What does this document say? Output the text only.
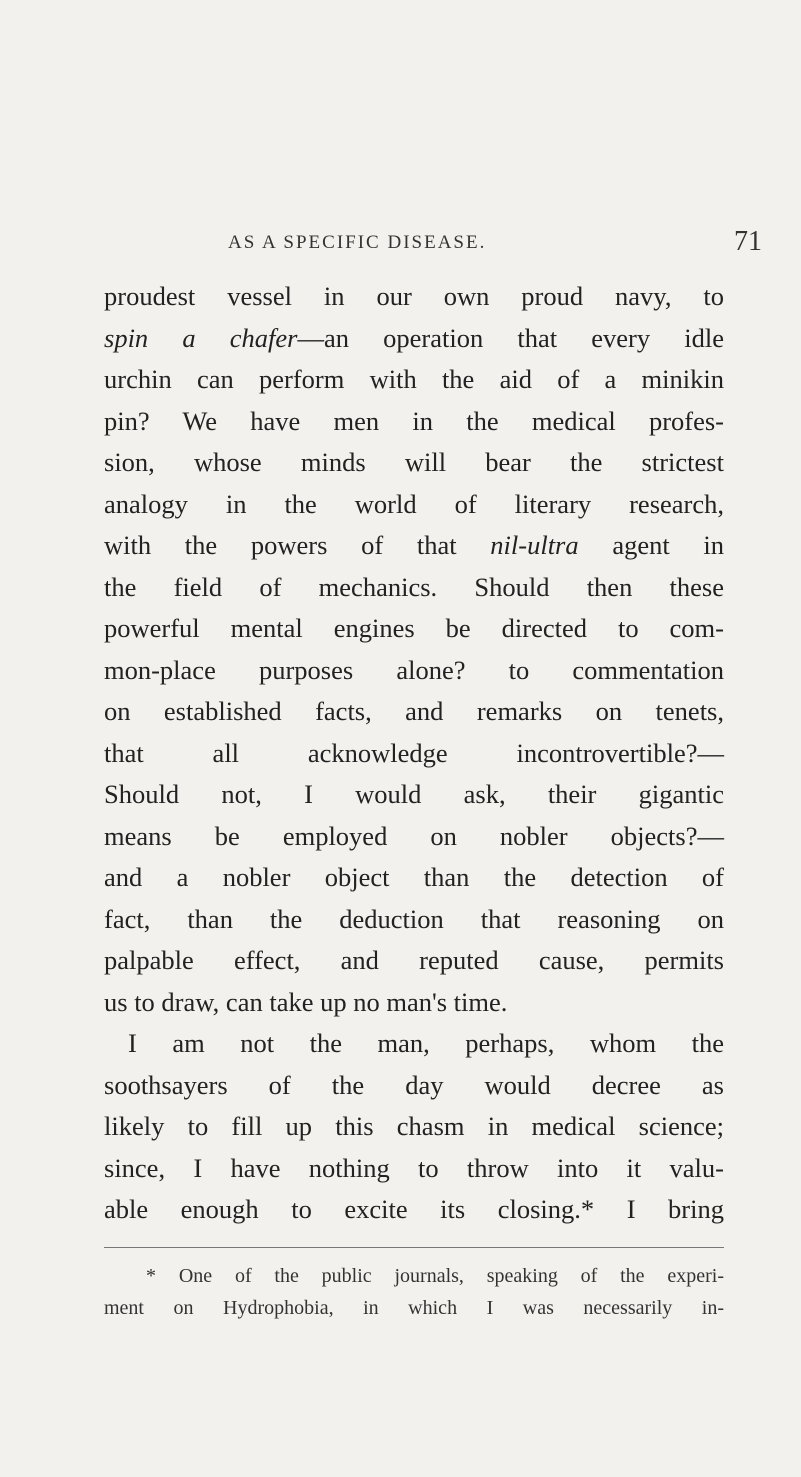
AS A SPECIFIC DISEASE.	71
proudest vessel in our own proud navy, to
spin a chafer—an operation that every idle
urchin can perform with the aid of a minikin
pin? We have men in the medical profes-
sion, whose minds will bear the strictest
analogy in the world of literary research,
with the powers of that nil-ultra agent in
the field of mechanics. Should then these
powerful mental engines be directed to com-
mon-place purposes alone? to commentation
on established facts, and remarks on tenets,
that all acknowledge incontrovertible?—
Should not, I would ask, their gigantic
means be employed on nobler objects?—
and a nobler object than the detection of
fact, than the deduction that reasoning on
palpable effect, and reputed cause, permits
us to draw, can take up no man's time.
I am not the man, perhaps, whom the
soothsayers of the day would decree as
likely to fill up this chasm in medical science;
since, I have nothing to throw into it valu-
able enough to excite its closing.* I bring
* One of the public journals, speaking of the experi-
ment on Hydrophobia, in which I was necessarily in-
